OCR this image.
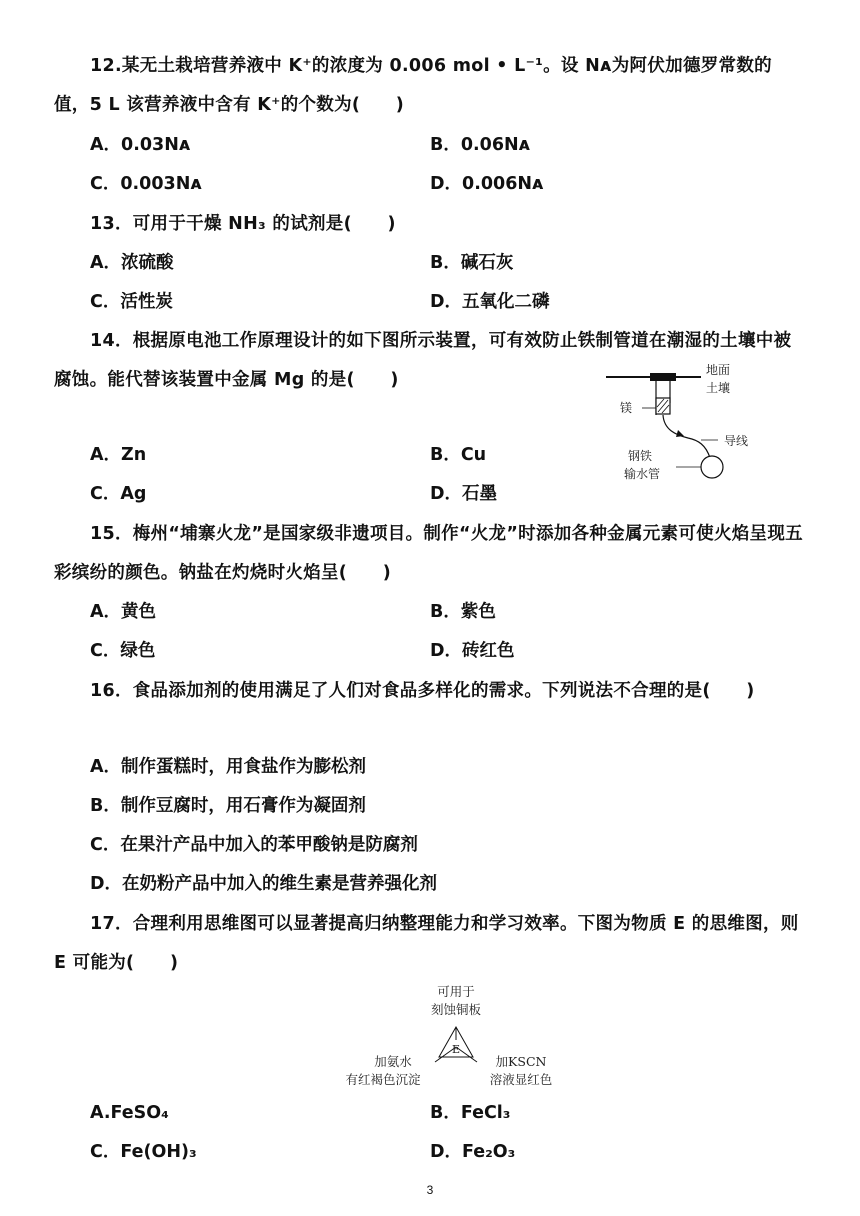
12.某无土栽培营养液中 K⁺的浓度为 0.006 mol • L⁻¹。设 Nᴀ为阿伏加德罗常数的值，5 L 该营养液中含有 K⁺的个数为(　　)
A．0.03Nᴀ	B．0.06Nᴀ
C．0.003Nᴀ	D．0.006Nᴀ
13．可用于干燥 NH₃ 的试剂是(　　)
A．浓硫酸	B．碱石灰
C．活性炭	D．五氧化二磷
14．根据原电池工作原理设计的如下图所示装置，可有效防止铁制管道在潮湿的土壤中被腐蚀。能代替该装置中金属 Mg 的是(　　)	地面
土壤
镁
导线
钢铁
输水管
A．Zn	B．Cu
C．Ag	D．石墨
15．梅州“埔寨火龙”是国家级非遗项目。制作“火龙”时添加各种金属元素可使火焰呈现五彩缤纷的颜色。钠盐在灼烧时火焰呈(　　)
A．黄色	B．紫色
C．绿色	D．砖红色
16．食品添加剂的使用满足了人们对食品多样化的需求。下列说法不合理的是(　　)
A．制作蛋糕时，用食盐作为膨松剂
B．制作豆腐时，用石膏作为凝固剂
C．在果汁产品中加入的苯甲酸钠是防腐剂
D．在奶粉产品中加入的维生素是营养强化剂
17．合理利用思维图可以显著提高归纳整理能力和学习效率。下图为物质 E 的思维图，则 E 可能为(　　)
E
可用于
刻蚀铜板
加氨水
有红褐色沉淀
加KSCN
溶液显红色
A.FeSO₄	B．FeCl₃
C．Fe(OH)₃	D．Fe₂O₃
3
